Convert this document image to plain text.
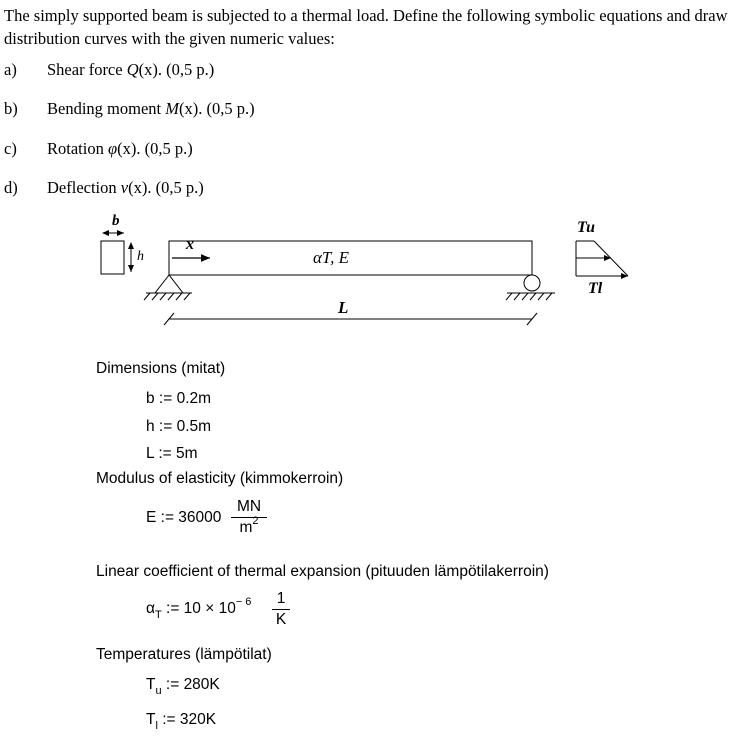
The simply supported beam is subjected to a thermal load. Define the following symbolic equations and draw distribution curves with the given numeric values:
a)	Shear force Q(x). (0,5 p.)
b)	Bending moment M(x). (0,5 p.)
c)	Rotation φ(x). (0,5 p.)
d)	Deflection v(x). (0,5 p.)
b
h
x
αT, E
L
Tu
Tl
Dimensions (mitat)
b := 0.2m
h := 0.5m
L := 5m
Modulus of elasticity (kimmokerroin)
E := 36000
MN
$m^2$
Linear coefficient of thermal expansion (pituuden lämpötilakerroin)
$\alpha_T$ := $10 \times 10^{- 6}$	1
K
Temperatures (lämpötilat)
$T_u$ := 280K
$T_l$ := 320K
